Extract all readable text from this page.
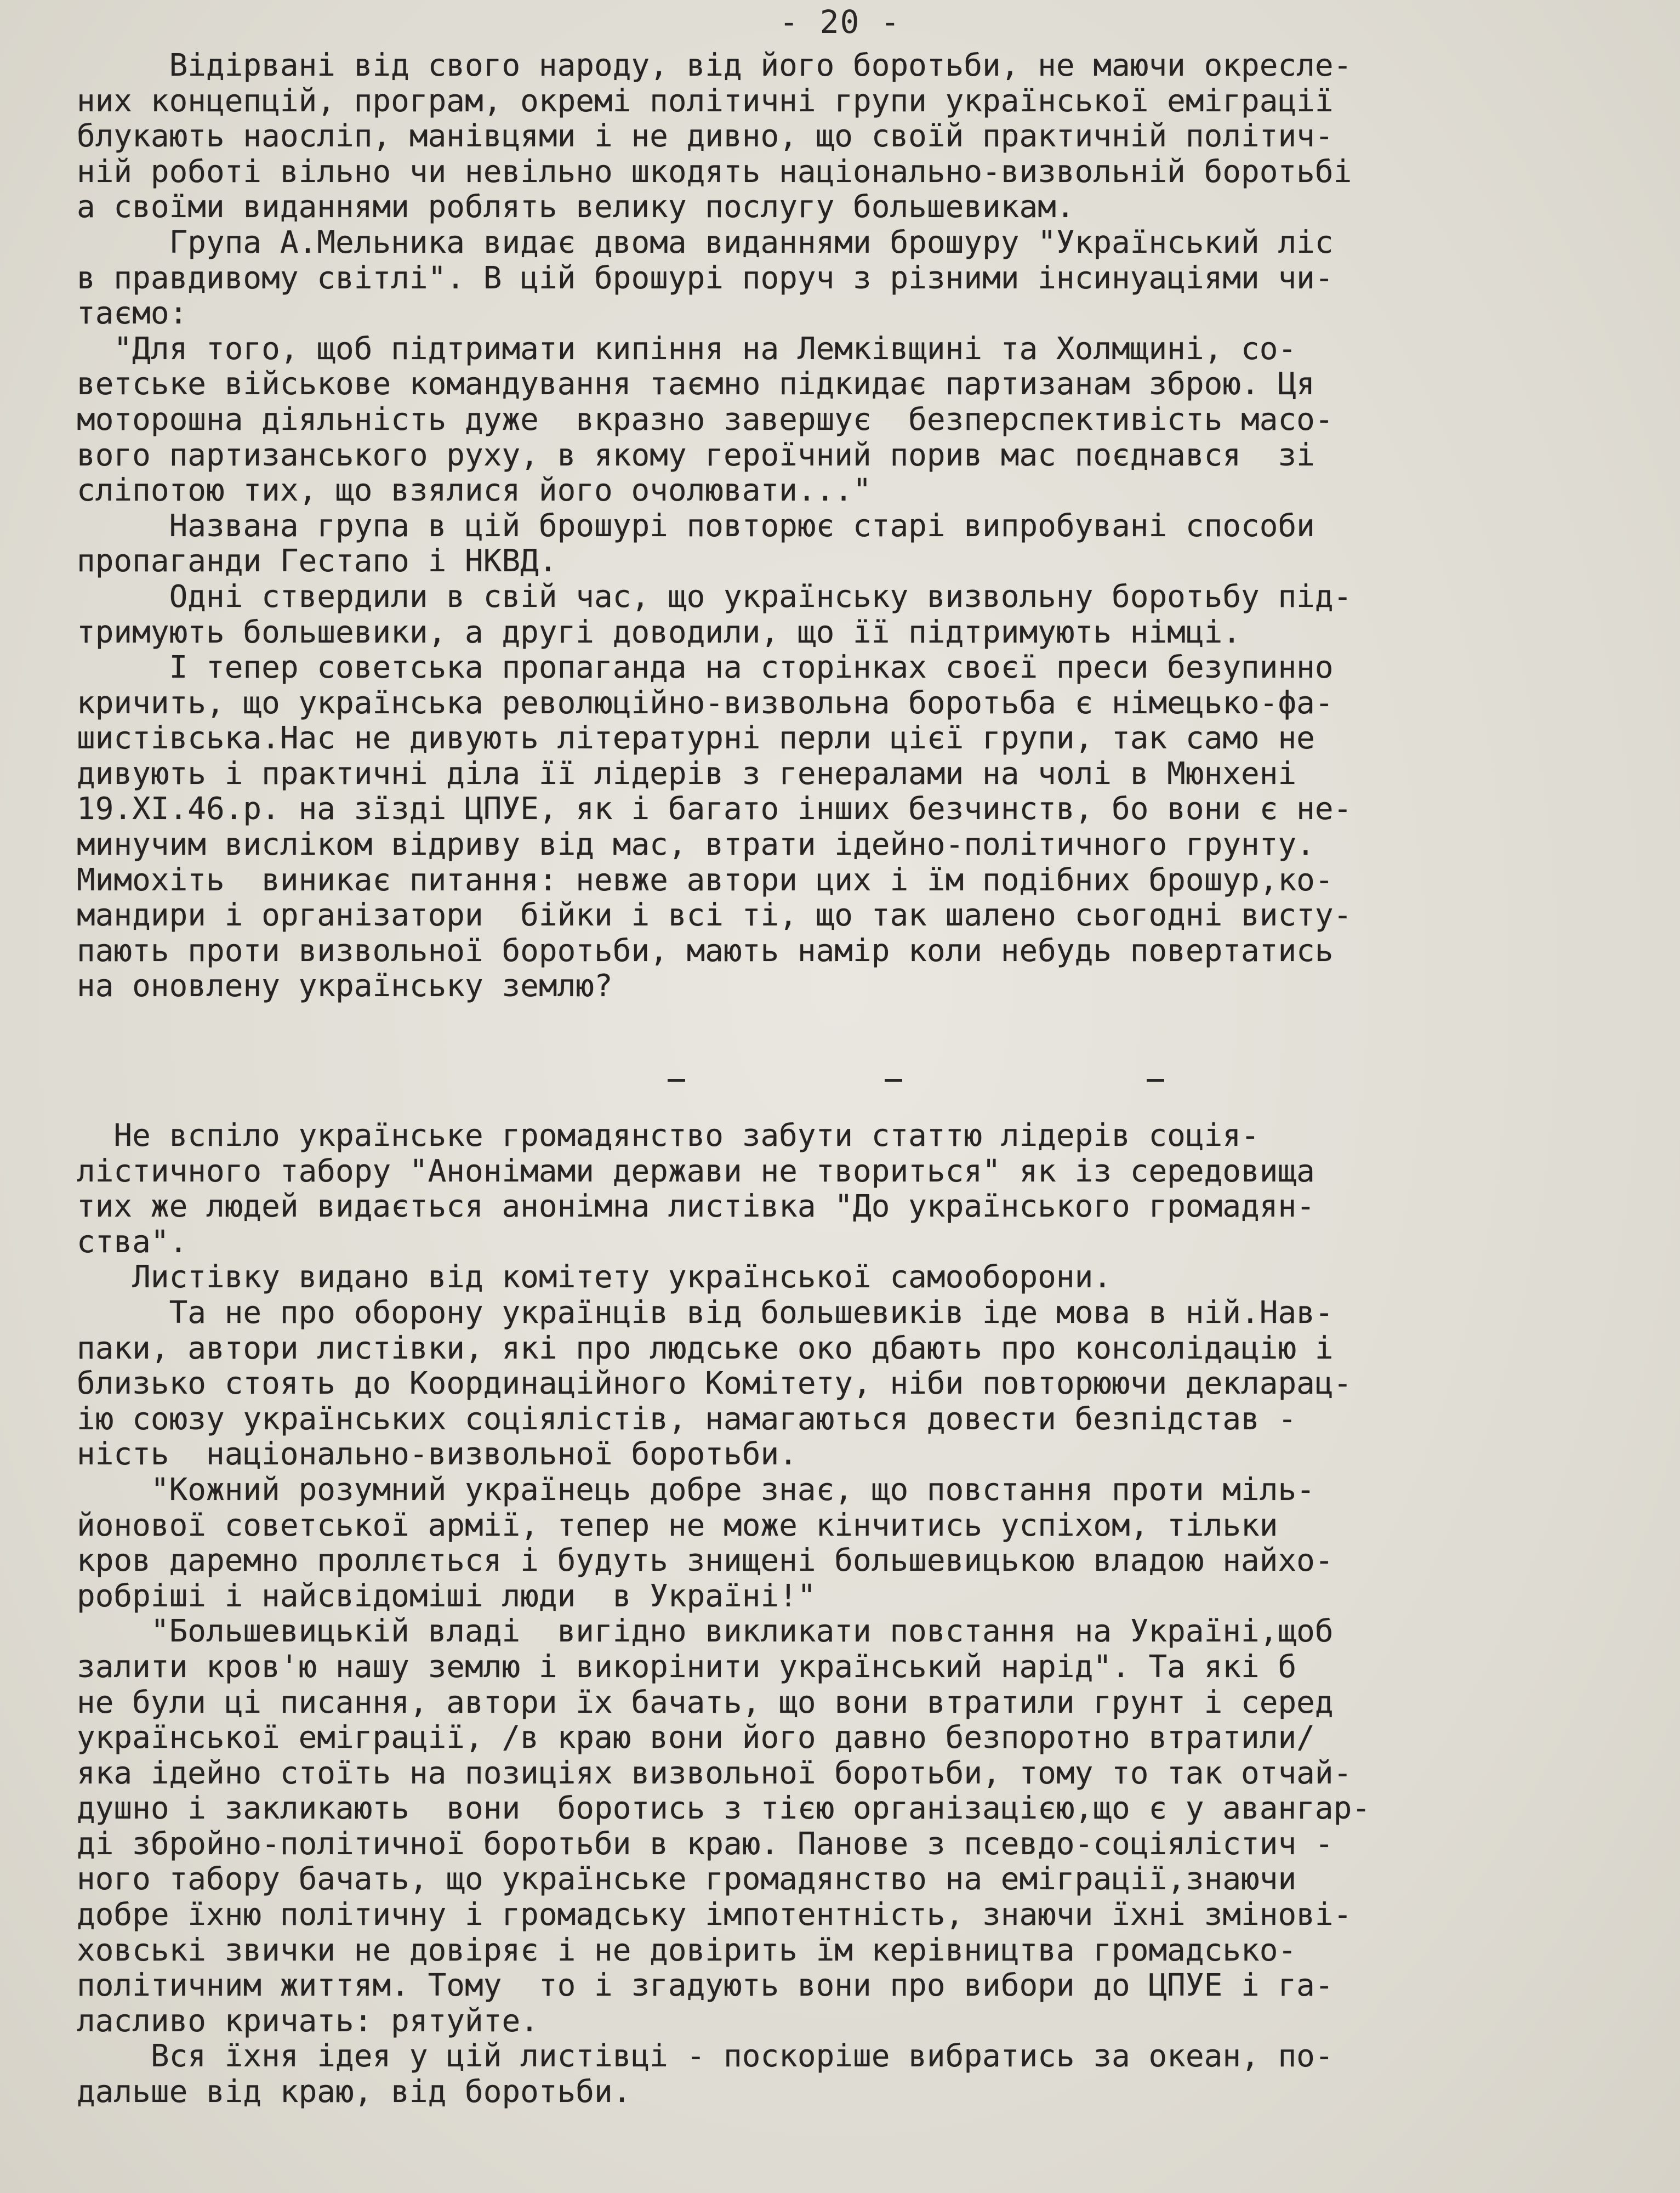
- 20 -
Відірвані від свого народу, від його боротьби, не маючи окресле-
них концепцій, програм, окремі політичні групи української еміграції
блукають наосліп, манівцями і не дивно, що своїй практичній політич-
ній роботі вільно чи невільно шкодять національно-визвольній боротьбі
а своїми виданнями роблять велику послугу большевикам.
Група А.Мельника видає двома виданнями брошуру "Український ліс
в правдивому світлі". В цій брошурі поруч з різними інсинуаціями чи-
таємо:
"Для того, щоб підтримати кипіння на Лемківщині та Холмщині, со-
ветське військове командування таємно підкидає партизанам зброю. Ця
моторошна діяльність дуже  вкразно завершує  безперспективість масо-
вого партизанського руху, в якому героїчний порив мас поєднався  зі
сліпотою тих, що взялися його очолювати..."
Названа група в цій брошурі повторює старі випробувані способи
пропаганди Гестапо і НКВД.
Одні ствердили в свій час, що українську визвольну боротьбу під-
тримують большевики, а другі доводили, що її підтримують німці.
І тепер советська пропаганда на сторінках своєї преси безупинно
кричить, що українська революційно-визвольна боротьба є німецько-фа-
шистівська.Нас не дивують літературні перли цієї групи, так само не
дивують і практичні діла її лідерів з генералами на чолі в Мюнхені
19.XI.46.р. на зїзді ЦПУЕ, як і багато інших безчинств, бо вони є не-
минучим висліком відриву від мас, втрати ідейно-політичного грунту.
Мимохіть  виникає питання: невже автори цих і їм подібних брошур,ко-
мандири і організатори  бійки і всі ті, що так шалено сьогодні висту-
пають проти визвольної боротьби, мають намір коли небудь повертатись
на оновлену українську землю?
Не вспіло українське громадянство забути статтю лідерів соція-
лістичного табору "Анонімами держави не твориться" як із середовища
тих же людей видається анонімна листівка "До українського громадян-
ства".
Листівку видано від комітету української самооборони.
Та не про оборону українців від большевиків іде мова в ній.Нав-
паки, автори листівки, які про людське око дбають про консолідацію і
близько стоять до Координаційного Комітету, ніби повторюючи декларац-
ію союзу українських соціялістів, намагаються довести безпідстав -
ність  національно-визвольної боротьби.
"Кожний розумний українець добре знає, що повстання проти міль-
йонової советської армії, тепер не може кінчитись успіхом, тільки
кров даремно проллється і будуть знищені большевицькою владою найхо-
робріші і найсвідоміші люди  в Україні!"
"Большевицькій владі  вигідно викликати повстання на Україні,щоб
залити кров'ю нашу землю і викорінити український нарід". Та які б
не були ці писання, автори їх бачать, що вони втратили грунт і серед
української еміграції, /в краю вони його давно безпоротно втратили/
яка ідейно стоїть на позиціях визвольної боротьби, тому то так отчай-
душно і закликають  вони  боротись з тією організацією,що є у авангар-
ді збройно-політичної боротьби в краю. Панове з псевдо-соціялістич -
ного табору бачать, що українське громадянство на еміграції,знаючи
добре їхню політичну і громадську імпотентність, знаючи їхні змінові-
ховські звички не довіряє і не довірить їм керівництва громадсько-
політичним життям. Тому  то і згадують вони про вибори до ЦПУЕ і га-
ласливо кричать: рятуйте.
Вся їхня ідея у цій листівці - поскоріше вибратись за океан, по-
дальше від краю, від боротьби.
